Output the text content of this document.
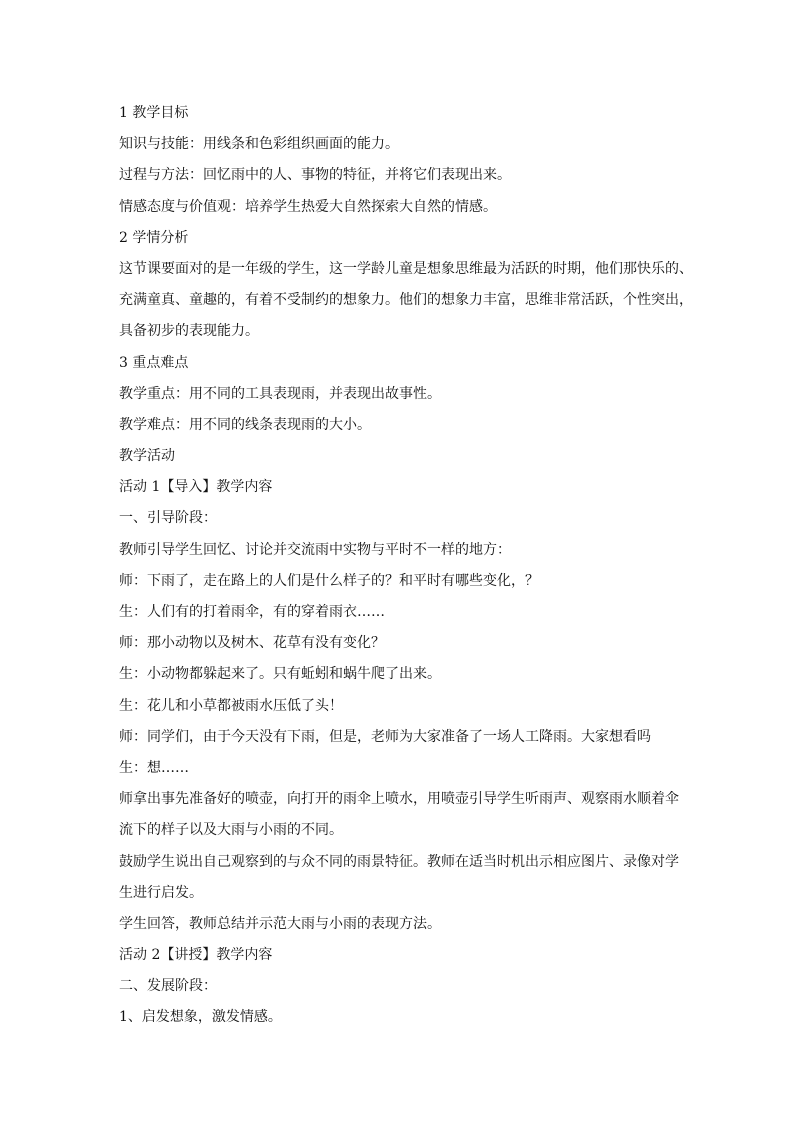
1 教学目标
知识与技能：用线条和色彩组织画面的能力。
过程与方法：回忆雨中的人、事物的特征，并将它们表现出来。
情感态度与价值观：培养学生热爱大自然探索大自然的情感。
2 学情分析
这节课要面对的是一年级的学生，这一学龄儿童是想象思维最为活跃的时期，他们那快乐的、
充满童真、童趣的，有着不受制约的想象力。他们的想象力丰富，思维非常活跃，个性突出，
具备初步的表现能力。
3 重点难点
教学重点：用不同的工具表现雨，并表现出故事性。
教学难点：用不同的线条表现雨的大小。
教学活动
活动 1【导入】教学内容
一、引导阶段：
教师引导学生回忆、讨论并交流雨中实物与平时不一样的地方：
师：下雨了，走在路上的人们是什么样子的？和平时有哪些变化，？
生：人们有的打着雨伞，有的穿着雨衣……
师：那小动物以及树木、花草有没有变化？
生：小动物都躲起来了。只有蚯蚓和蜗牛爬了出来。
生：花儿和小草都被雨水压低了头！
师：同学们，由于今天没有下雨，但是，老师为大家准备了一场人工降雨。大家想看吗
生：想……
师拿出事先准备好的喷壶，向打开的雨伞上喷水，用喷壶引导学生听雨声、观察雨水顺着伞
流下的样子以及大雨与小雨的不同。
鼓励学生说出自己观察到的与众不同的雨景特征。教师在适当时机出示相应图片、录像对学
生进行启发。
学生回答，教师总结并示范大雨与小雨的表现方法。
活动 2【讲授】教学内容
二、发展阶段：
1、启发想象，激发情感。
